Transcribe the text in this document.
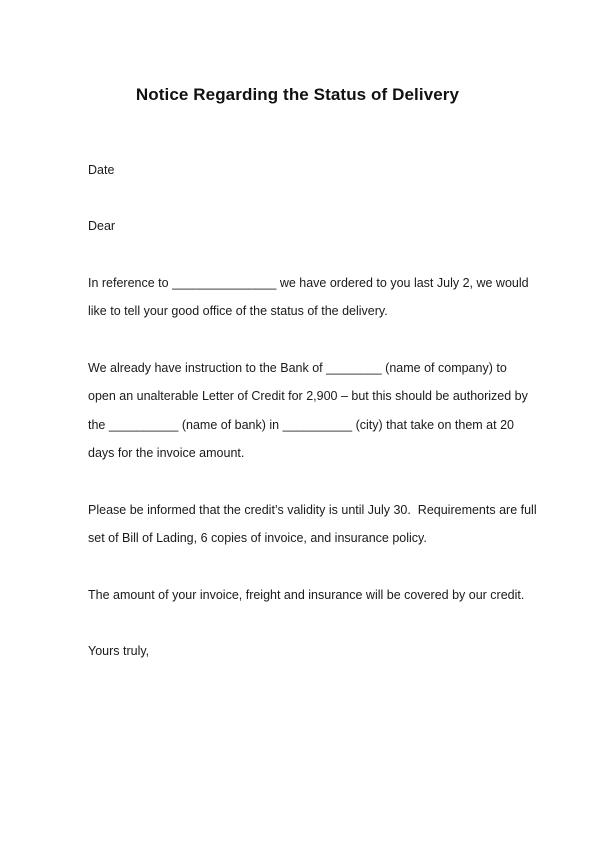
Notice Regarding the Status of Delivery
Date
Dear
In reference to _______________ we have ordered to you last July 2, we would
like to tell your good office of the status of the delivery.
We already have instruction to the Bank of ________ (name of company) to
open an unalterable Letter of Credit for 2,900 – but this should be authorized by
the __________ (name of bank) in __________ (city) that take on them at 20
days for the invoice amount.
Please be informed that the credit’s validity is until July 30.  Requirements are full
set of Bill of Lading, 6 copies of invoice, and insurance policy.
The amount of your invoice, freight and insurance will be covered by our credit.
Yours truly,
